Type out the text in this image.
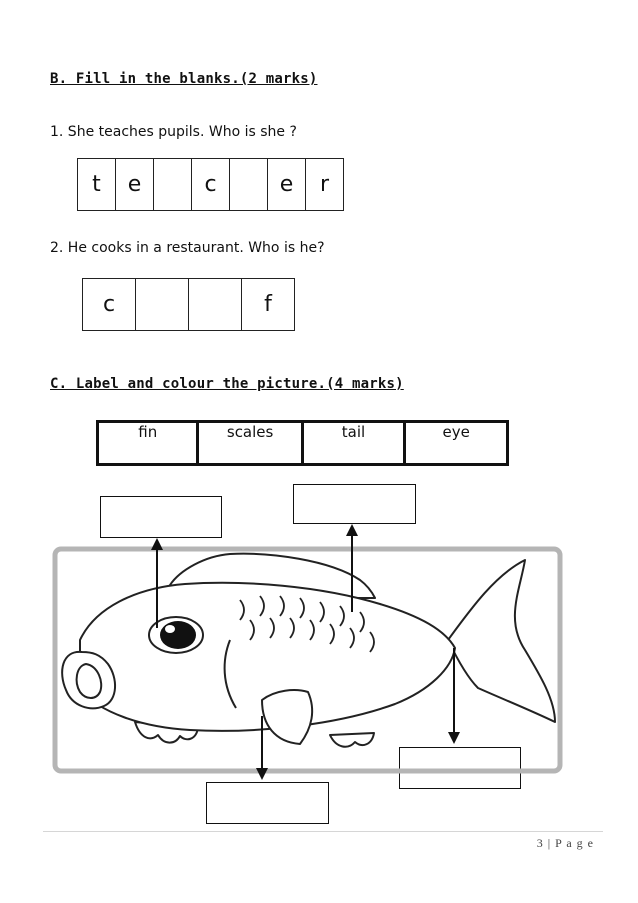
B. Fill in the blanks.(2 marks)
1. She teaches pupils. Who is she ?
t	e		c		e	r
2. He cooks in a restaurant. Who is he?
c			f
C. Label and colour the picture.(4 marks)
fin	scales	tail	eye
3 | P a g e
